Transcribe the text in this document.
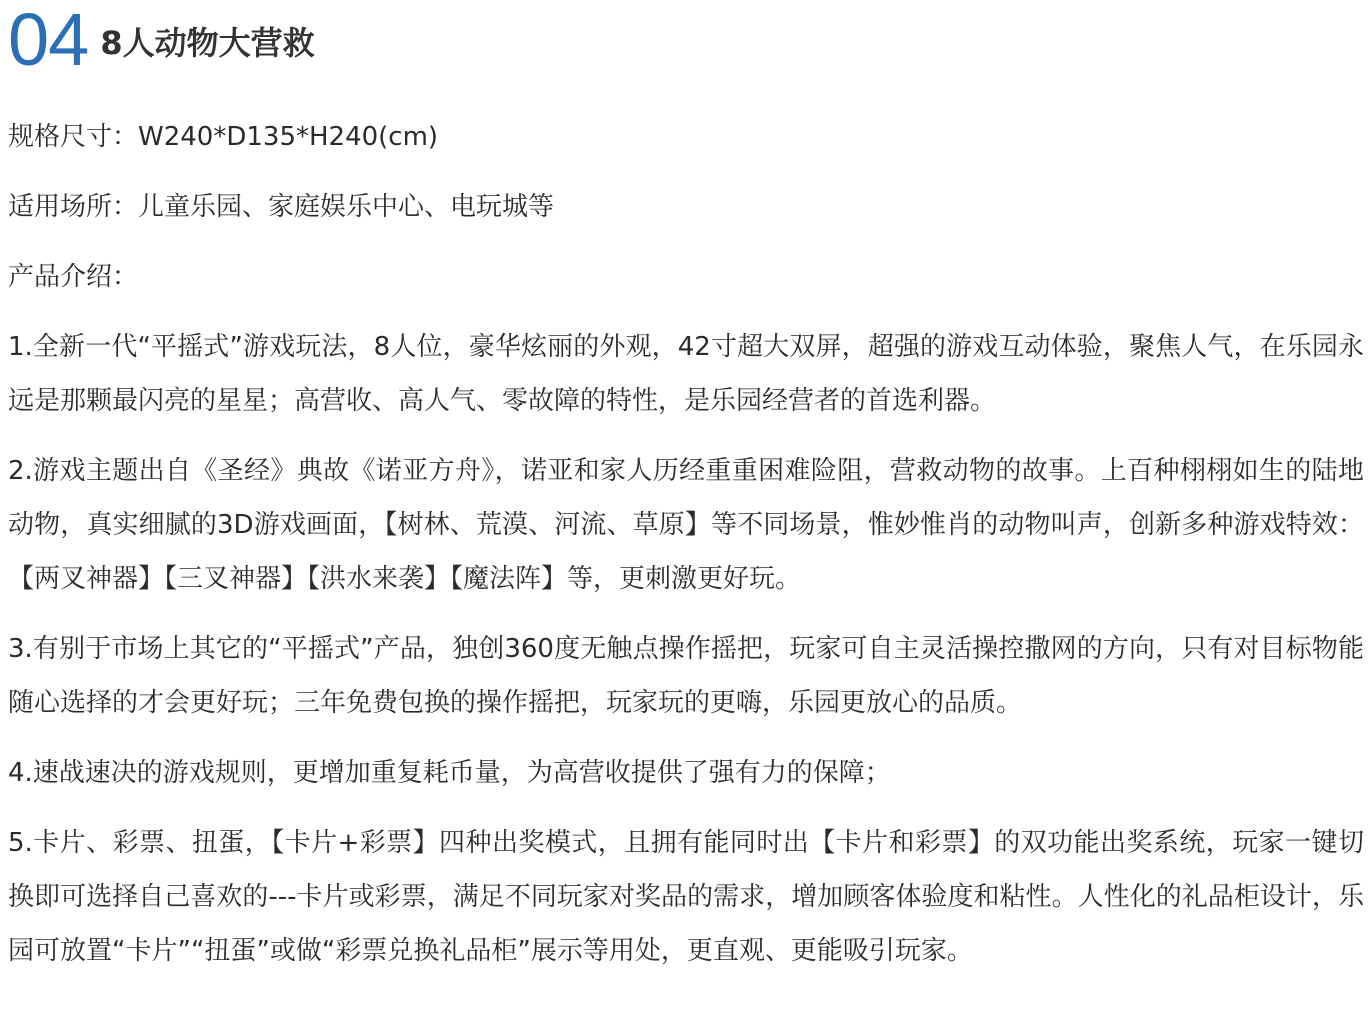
04 8人动物大营救

规格尺寸：W240*D135*H240(cm)

适用场所：儿童乐园、家庭娱乐中心、电玩城等

产品介绍：

1.全新一代“平摇式”游戏玩法，8人位，豪华炫丽的外观，42寸超大双屏，超强的游戏互动体验，聚焦人气，在乐园永远是那颗最闪亮的星星；高营收、高人气、零故障的特性，是乐园经营者的首选利器。

2.游戏主题出自《圣经》典故《诺亚方舟》，诺亚和家人历经重重困难险阻，营救动物的故事。上百种栩栩如生的陆地动物，真实细腻的3D游戏画面，【树林、荒漠、河流、草原】等不同场景，惟妙惟肖的动物叫声，创新多种游戏特效：【两叉神器】【三叉神器】【洪水来袭】【魔法阵】等，更刺激更好玩。

3.有别于市场上其它的“平摇式”产品，独创360度无触点操作摇把，玩家可自主灵活操控撒网的方向，只有对目标物能随心选择的才会更好玩；三年免费包换的操作摇把，玩家玩的更嗨，乐园更放心的品质。

4.速战速决的游戏规则，更增加重复耗币量，为高营收提供了强有力的保障；

5.卡片、彩票、扭蛋，【卡片+彩票】四种出奖模式，且拥有能同时出【卡片和彩票】的双功能出奖系统，玩家一键切换即可选择自己喜欢的---卡片或彩票，满足不同玩家对奖品的需求，增加顾客体验度和粘性。人性化的礼品柜设计，乐园可放置“卡片”“扭蛋”或做“彩票兑换礼品柜”展示等用处，更直观、更能吸引玩家。
